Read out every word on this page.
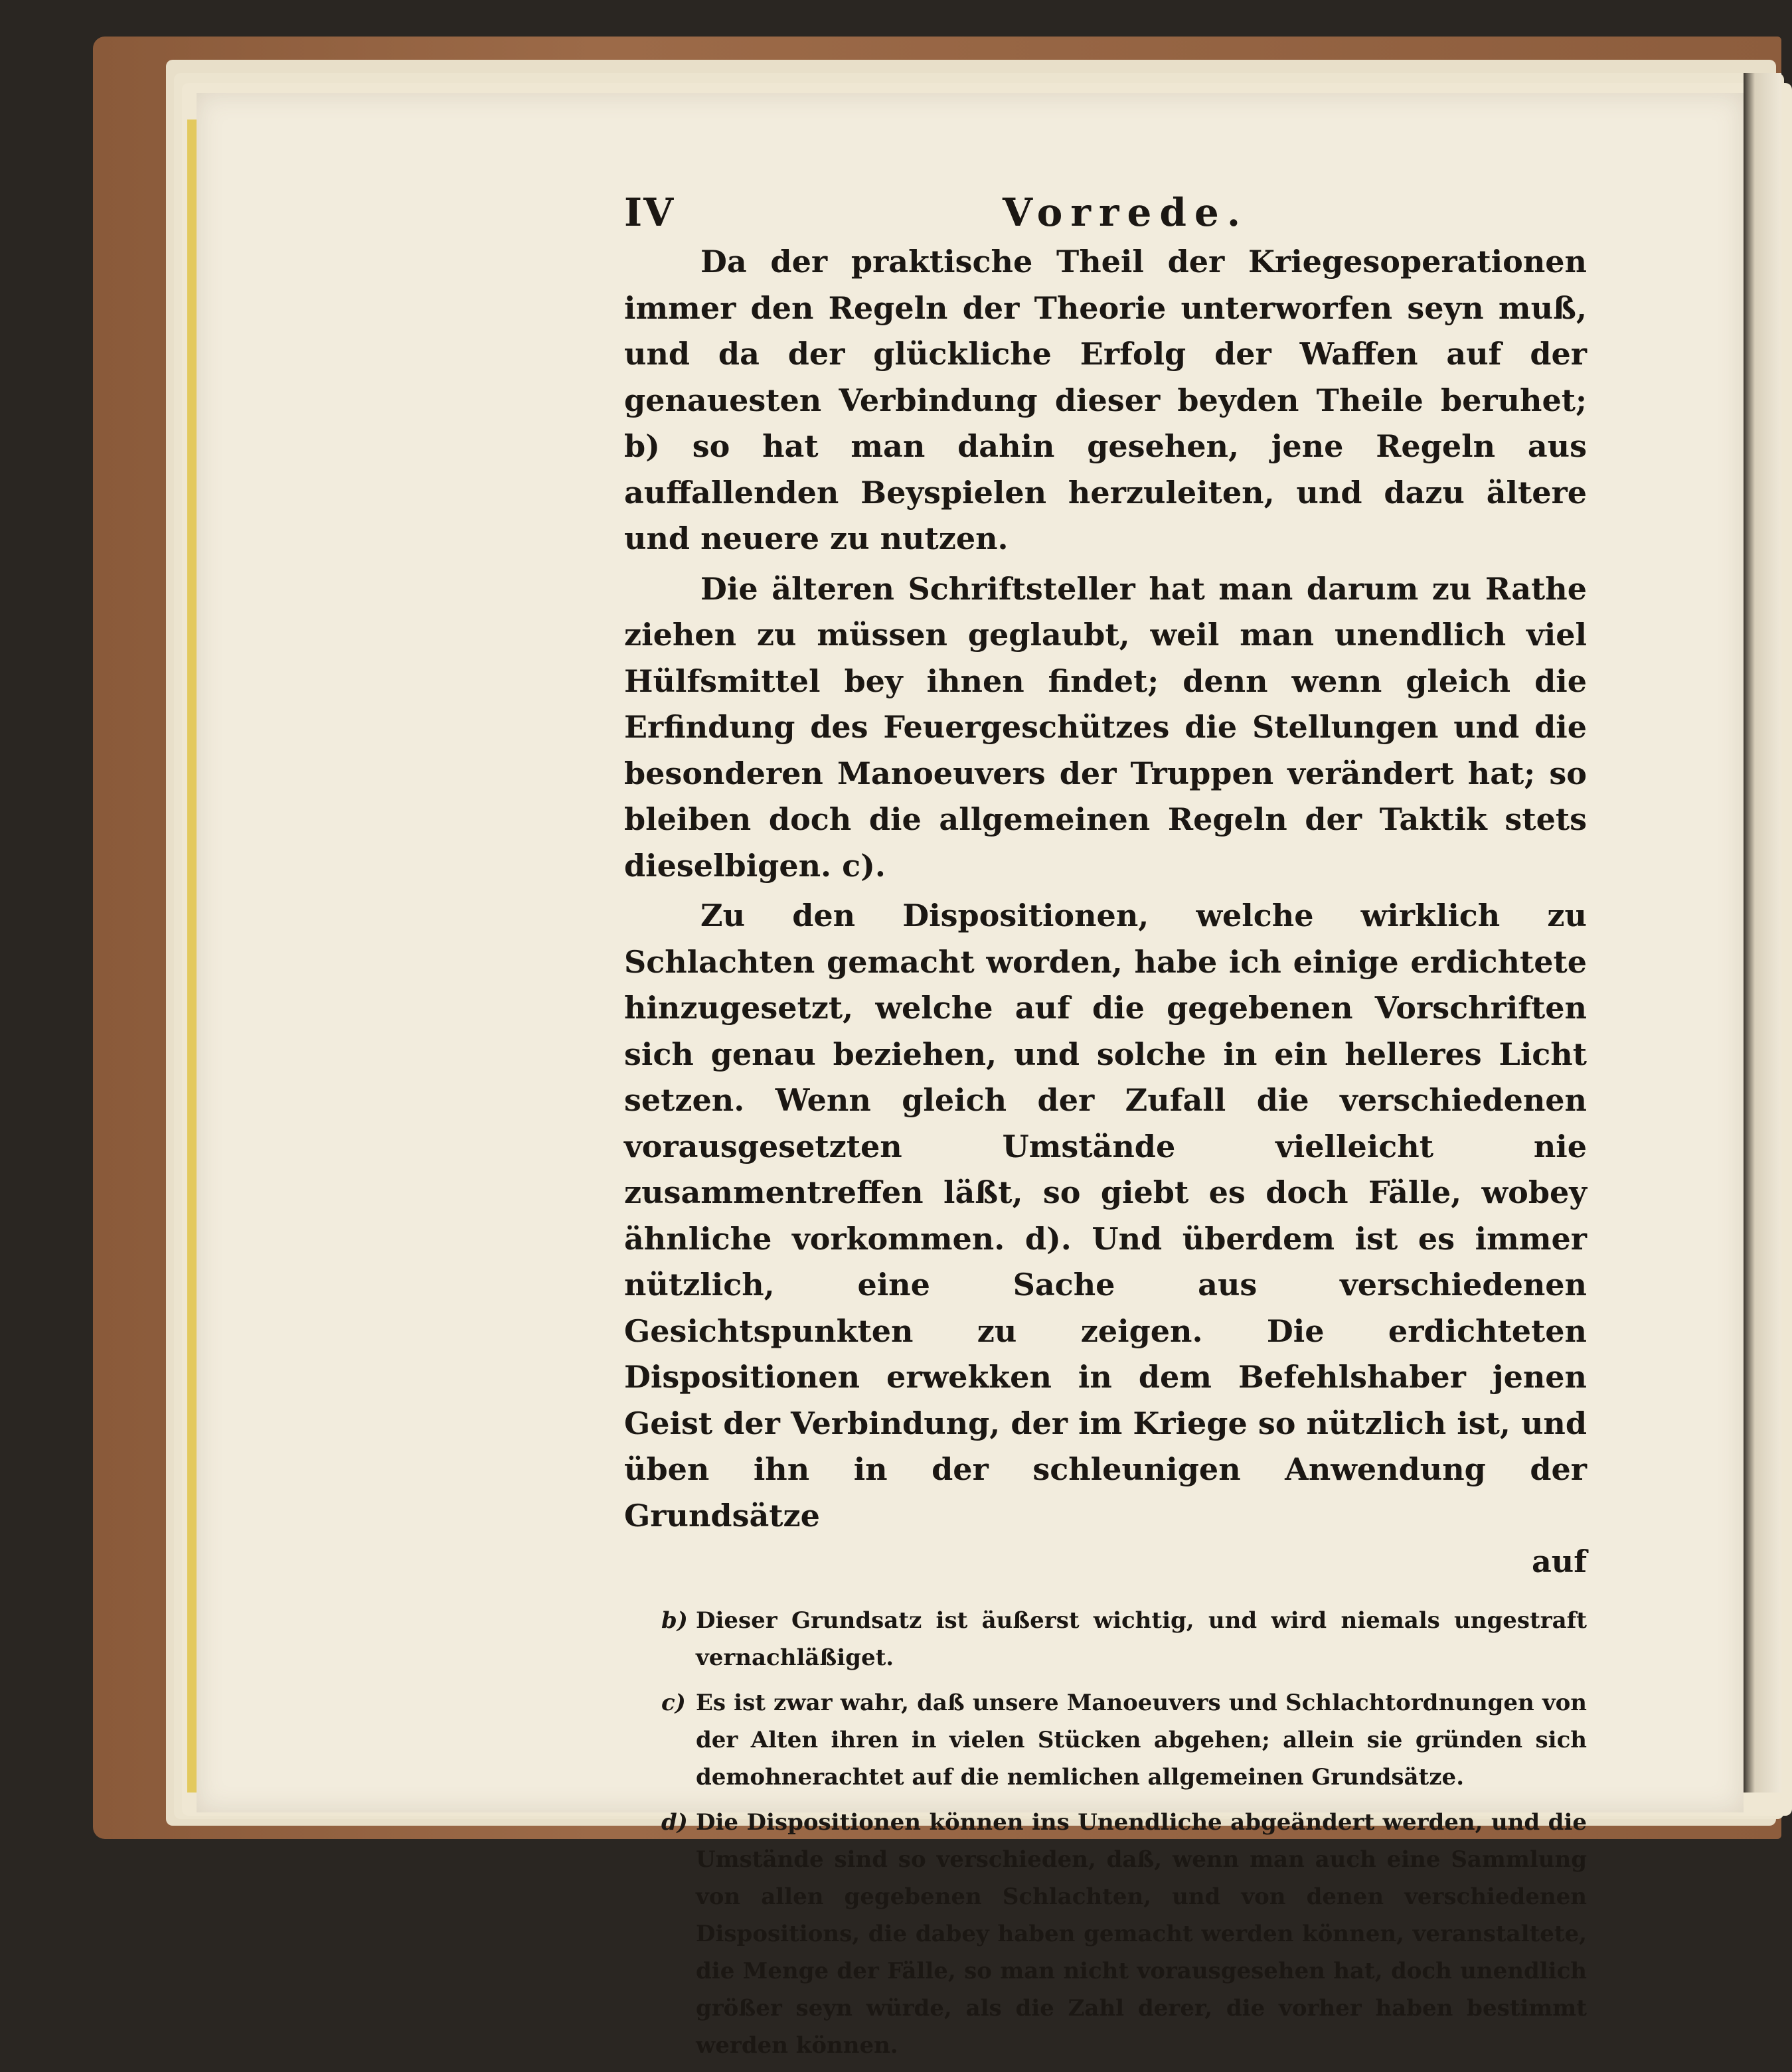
IV	Vorrede.

Da der praktische Theil der Kriegesoperationen immer den Regeln der Theorie unterworfen seyn muß, und da der glückliche Erfolg der Waffen auf der genauesten Verbindung dieser beyden Theile beruhet; b) so hat man dahin gesehen, jene Regeln aus auffallenden Beyspielen herzuleiten, und dazu ältere und neuere zu nutzen.

Die älteren Schriftsteller hat man darum zu Rathe ziehen zu müssen geglaubt, weil man unendlich viel Hülfsmittel bey ihnen findet; denn wenn gleich die Erfindung des Feuergeschützes die Stellungen und die besonderen Manoeuvers der Truppen verändert hat; so bleiben doch die allgemeinen Regeln der Taktik stets dieselbigen. c).

Zu den Dispositionen, welche wirklich zu Schlachten gemacht worden, habe ich einige erdichtete hinzugesetzt, welche auf die gegebenen Vorschriften sich genau beziehen, und solche in ein helleres Licht setzen. Wenn gleich der Zufall die verschiedenen vorausgesetzten Umstände vielleicht nie zusammentreffen läßt, so giebt es doch Fälle, wobey ähnliche vorkommen. d). Und überdem ist es immer nützlich, eine Sache aus verschiedenen Gesichtspunkten zu zeigen. Die erdichteten Dispositionen erwekken in dem Befehlshaber jenen Geist der Verbindung, der im Kriege so nützlich ist, und üben ihn in der schleunigen Anwendung der Grundsätze

auf

b) Dieser Grundsatz ist äußerst wichtig, und wird niemals ungestraft vernachläßiget.

c) Es ist zwar wahr, daß unsere Manoeuvers und Schlachtordnungen von der Alten ihren in vielen Stücken abgehen; allein sie gründen sich demohnerachtet auf die nemlichen allgemeinen Grundsätze.

d) Die Dispositionen können ins Unendliche abgeändert werden, und die Umstände sind so verschieden, daß, wenn man auch eine Sammlung von allen gegebenen Schlachten, und von denen verschiedenen Dispositions, die dabey haben gemacht werden können, veranstaltete, die Menge der Fälle, so man nicht vorausgesehen hat, doch unendlich größer seyn würde, als die Zahl derer, die vorher haben bestimmt werden können.
